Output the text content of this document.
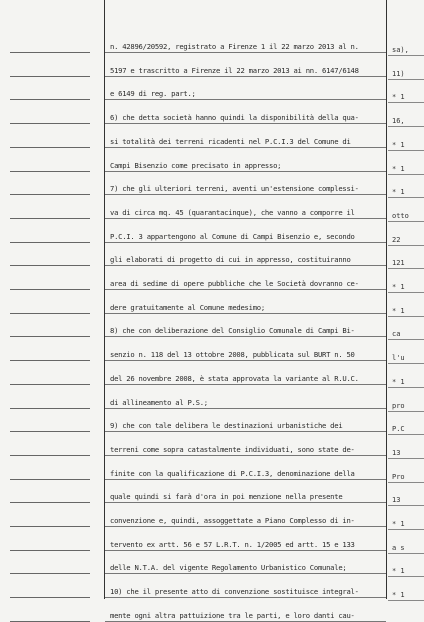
n. 42896/20592, registrato a Firenze 1 il 22 marzo 2013 al n.
5197 e trascritto a Firenze il 22 marzo 2013 ai nn. 6147/6148
e 6149 di reg. part.;
6) che detta società hanno quindi la disponibilità della qua-
si totalità dei terreni ricadenti nel P.C.I.3 del Comune di
Campi Bisenzio come precisato in appresso;
7) che gli ulteriori terreni, aventi un'estensione complessi-
va di circa mq. 45 (quarantacinque), che vanno a comporre il
P.C.I. 3 appartengono al Comune di Campi Bisenzio e, secondo
gli elaborati di progetto di cui in appresso, costituiranno
area di sedime di opere pubbliche che le Società dovranno ce-
dere gratuitamente al Comune medesimo;
8) che con deliberazione del Consiglio Comunale di Campi Bi-
senzio n. 118 del 13 ottobre 2008, pubblicata sul BURT n. 50
del 26 novembre 2008, è stata approvata la variante al R.U.C.
di allineamento al P.S.;
9) che con tale delibera le destinazioni urbanistiche dei
terreni come sopra catastalmente individuati, sono state de-
finite con la qualificazione di P.C.I.3, denominazione della
quale quindi si farà d'ora in poi menzione nella presente
convenzione e, quindi, assoggettate a Piano Complesso di in-
tervento ex artt. 56 e 57 L.R.T. n. 1/2005 ed artt. 15 e 133
delle N.T.A. del vigente Regolamento Urbanistico Comunale;
10) che il presente atto di convenzione sostituisce integral-
mente ogni altra pattuizione tra le parti, e loro danti cau-
sa),
11)
* 1
16,
* 1
* 1
* 1
otto
22
121
* 1
* 1
ca
l'u
* 1
pro
P.C
13
Pro
13
* 1
a s
* 1
* 1
